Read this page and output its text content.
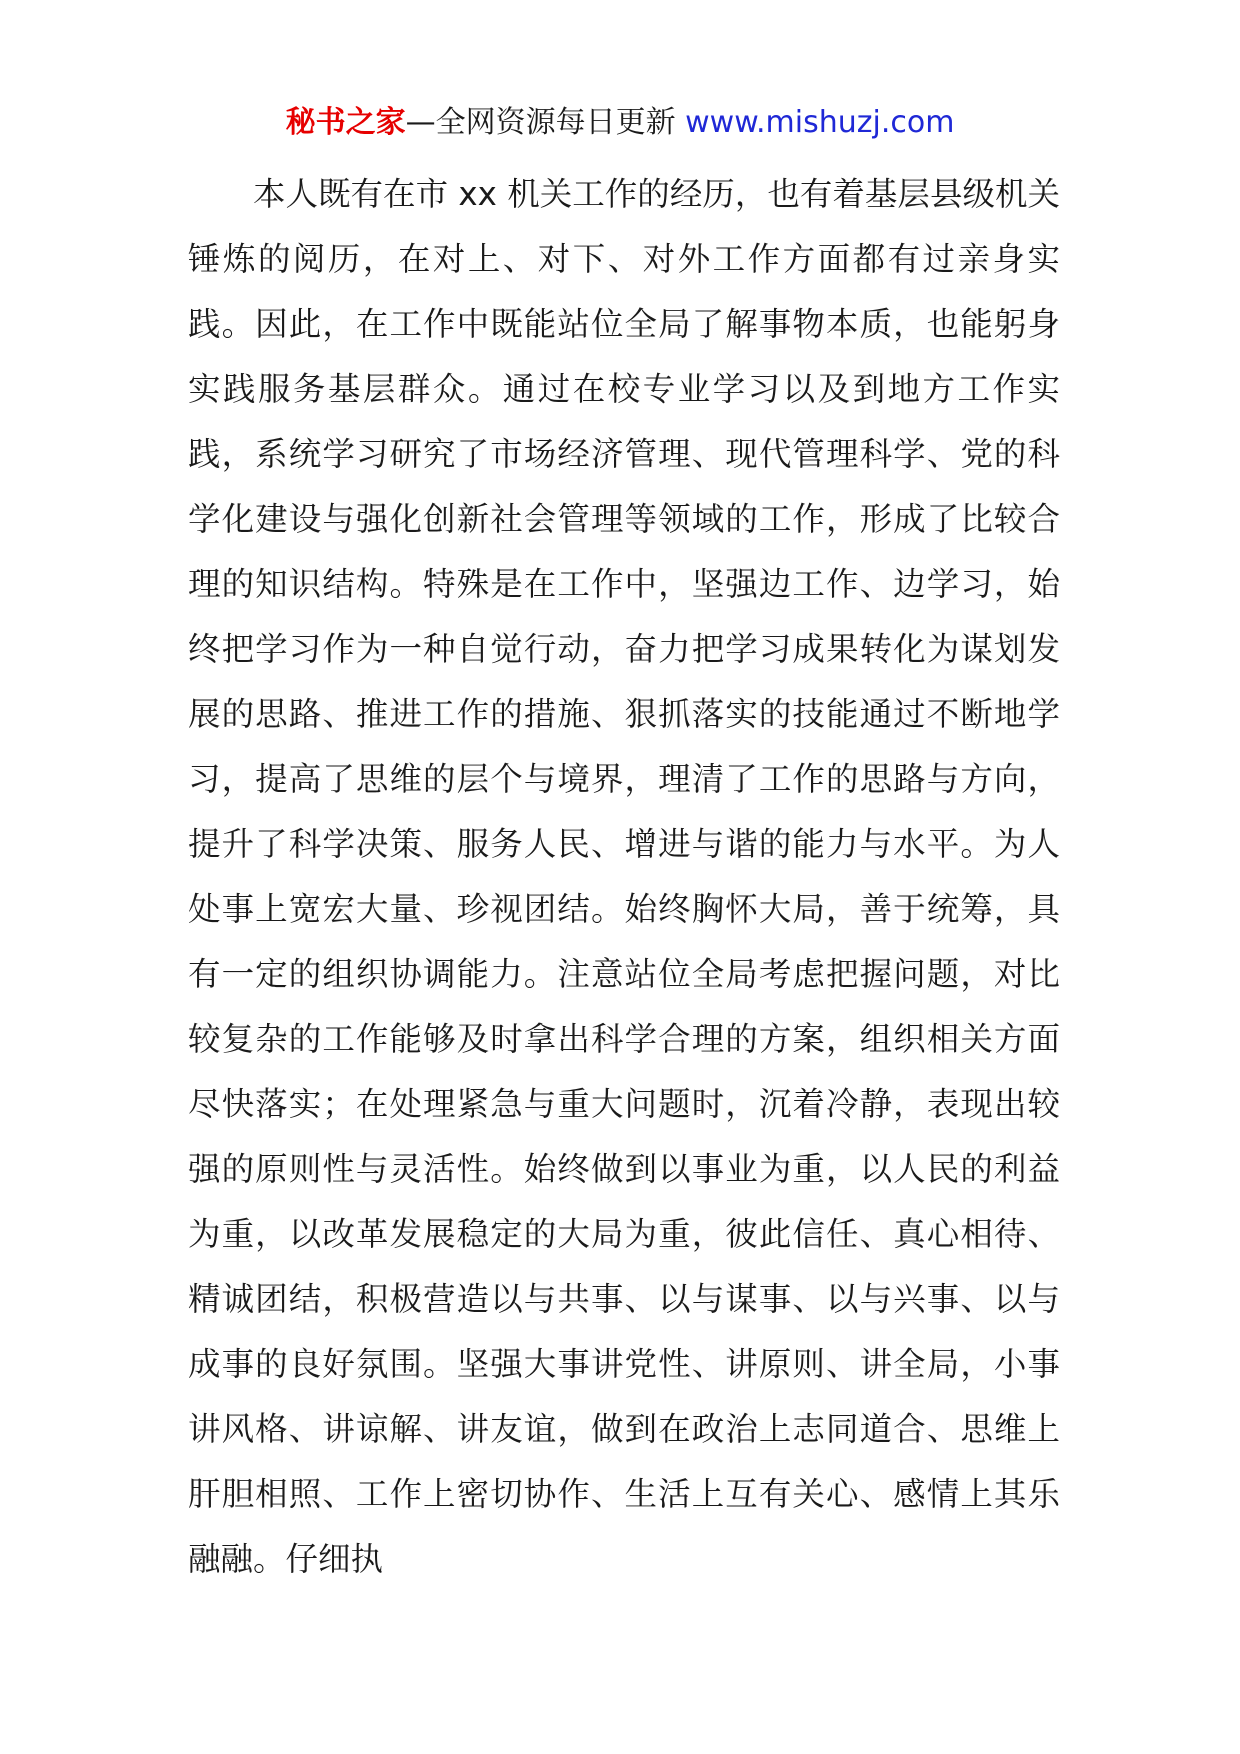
秘书之家—全网资源每日更新 www.mishuzj.com

本人既有在市 xx 机关工作的经历，也有着基层县级机关锤炼的阅历，在对上、对下、对外工作方面都有过亲身实践。因此，在工作中既能站位全局了解事物本质，也能躬身实践服务基层群众。通过在校专业学习以及到地方工作实践，系统学习研究了市场经济管理、现代管理科学、党的科学化建设与强化创新社会管理等领域的工作，形成了比较合理的知识结构。特殊是在工作中，坚强边工作、边学习，始终把学习作为一种自觉行动，奋力把学习成果转化为谋划发展的思路、推进工作的措施、狠抓落实的技能通过不断地学习，提高了思维的层个与境界，理清了工作的思路与方向，提升了科学决策、服务人民、增进与谐的能力与水平。为人处事上宽宏大量、珍视团结。始终胸怀大局，善于统筹，具有一定的组织协调能力。注意站位全局考虑把握问题，对比较复杂的工作能够及时拿出科学合理的方案，组织相关方面尽快落实；在处理紧急与重大问题时，沉着冷静，表现出较强的原则性与灵活性。始终做到以事业为重，以人民的利益为重，以改革发展稳定的大局为重，彼此信任、真心相待、精诚团结，积极营造以与共事、以与谋事、以与兴事、以与成事的良好氛围。坚强大事讲党性、讲原则、讲全局，小事讲风格、讲谅解、讲友谊，做到在政治上志同道合、思维上肝胆相照、工作上密切协作、生活上互有关心、感情上其乐融融。仔细执
